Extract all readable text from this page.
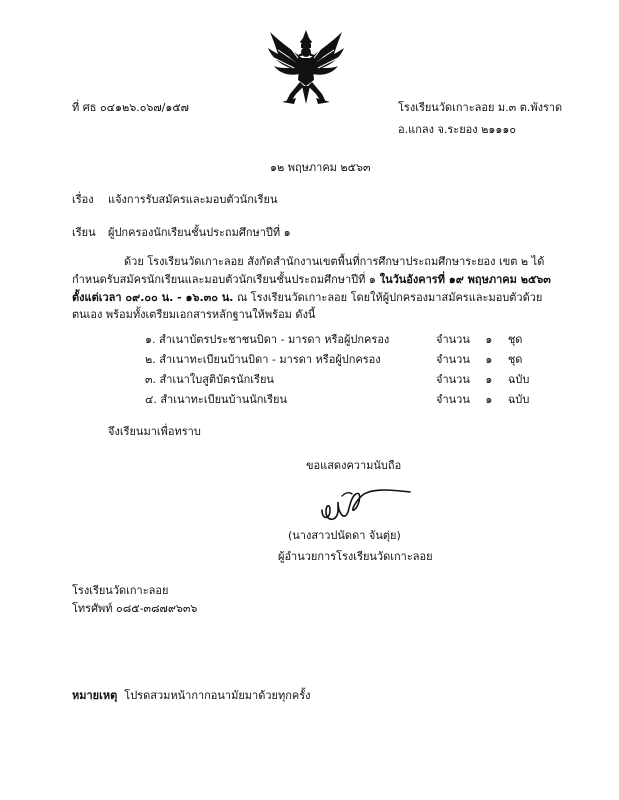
ที่ ศธ ๐๔๑๒๖.๐๖๗/๑๕๗	โรงเรียนวัดเกาะลอย ม.๓ ต.พังราด
อ.แกลง จ.ระยอง ๒๑๑๑๐
๑๒ พฤษภาคม ๒๕๖๓
เรื่อง แจ้งการรับสมัครและมอบตัวนักเรียน
เรียน ผู้ปกครองนักเรียนชั้นประถมศึกษาปีที่ ๑
ด้วย โรงเรียนวัดเกาะลอย สังกัดสำนักงานเขตพื้นที่การศึกษาประถมศึกษาระยอง เขต ๒ ได้กำหนดรับสมัครนักเรียนและมอบตัวนักเรียนชั้นประถมศึกษาปีที่ ๑ ในวันอังคารที่ ๑๙ พฤษภาคม ๒๕๖๓ ตั้งแต่เวลา ๐๙.๐๐ น. - ๑๖.๓๐ น. ณ โรงเรียนวัดเกาะลอย โดยให้ผู้ปกครองมาสมัครและมอบตัวด้วยตนเอง พร้อมทั้งเตรียมเอกสารหลักฐานให้พร้อม ดังนี้
๑. สำเนาบัตรประชาชนบิดา - มารดา หรือผู้ปกครอง	จำนวน ๑ ชุด
๒. สำเนาทะเบียนบ้านบิดา - มารดา หรือผู้ปกครอง	จำนวน ๑ ชุด
๓. สำเนาใบสูติบัตรนักเรียน	จำนวน ๑ ฉบับ
๔. สำเนาทะเบียนบ้านนักเรียน	จำนวน ๑ ฉบับ
จึงเรียนมาเพื่อทราบ
ขอแสดงความนับถือ
(นางสาวปนัดดา จันตุ่ย)
ผู้อำนวยการโรงเรียนวัดเกาะลอย
โรงเรียนวัดเกาะลอย
โทรศัพท์ ๐๘๕-๓๘๗๙๖๓๖
หมายเหตุ โปรดสวมหน้ากากอนามัยมาด้วยทุกครั้ง
